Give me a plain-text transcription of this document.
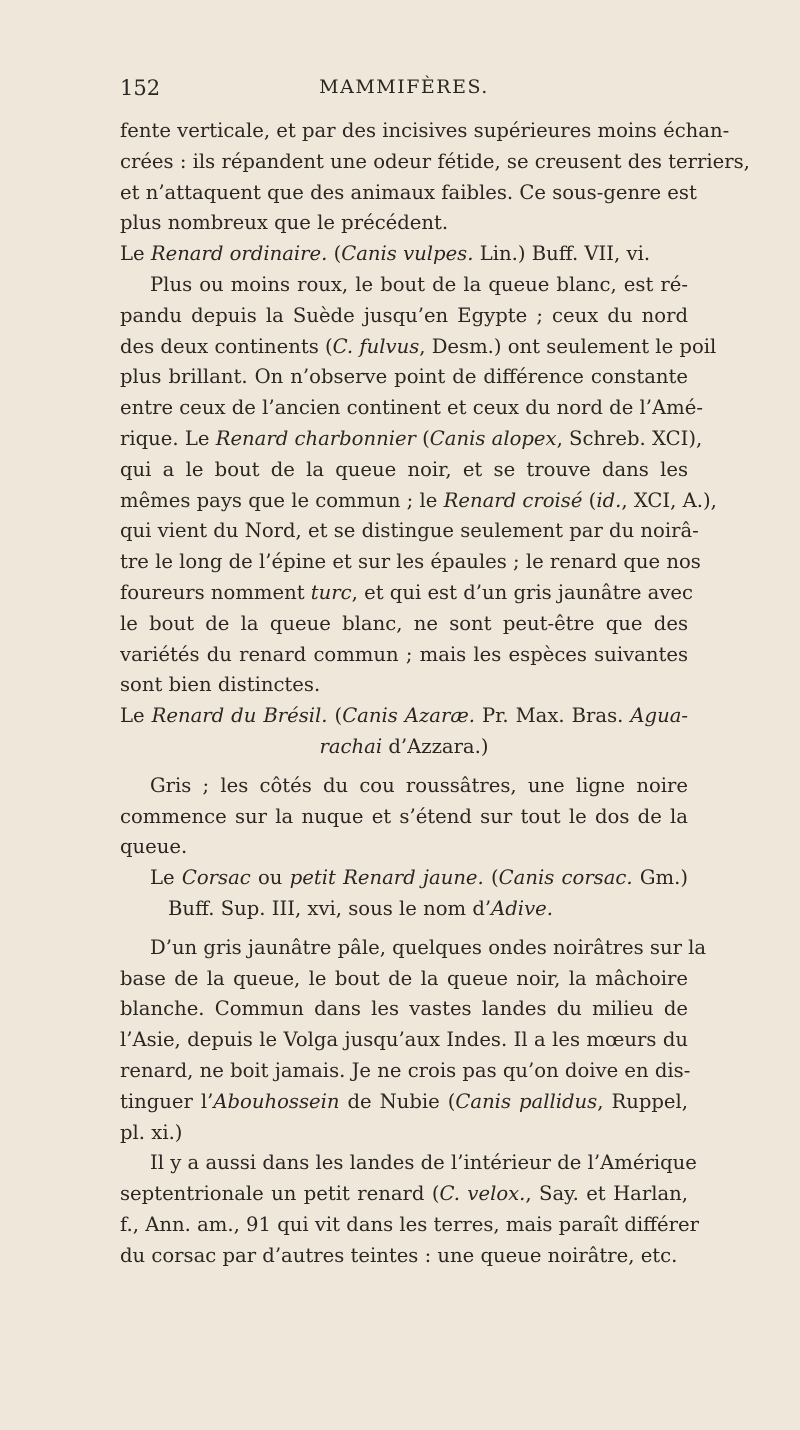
152	MAMMIFÈRES.
fente verticale, et par des incisives supérieures moins échan-
crées : ils répandent une odeur fétide, se creusent des terriers,
et n’attaquent que des animaux faibles. Ce sous-genre est
plus nombreux que le précédent.
Le Renard ordinaire. (Canis vulpes. Lin.) Buff. VII, vi.
Plus ou moins roux, le bout de la queue blanc, est ré-
pandu depuis la Suède jusqu’en Egypte ; ceux du nord
des deux continents (C. fulvus, Desm.) ont seulement le poil
plus brillant. On n’observe point de différence constante
entre ceux de l’ancien continent et ceux du nord de l’Amé-
rique. Le Renard charbonnier (Canis alopex, Schreb. XCI),
qui a le bout de la queue noir, et se trouve dans les
mêmes pays que le commun ; le Renard croisé (id., XCI, A.),
qui vient du Nord, et se distingue seulement par du noirâ-
tre le long de l’épine et sur les épaules ; le renard que nos
foureurs nomment turc, et qui est d’un gris jaunâtre avec
le bout de la queue blanc, ne sont peut-être que des
variétés du renard commun ; mais les espèces suivantes
sont bien distinctes.
Le Renard du Brésil. (Canis Azaræ. Pr. Max. Bras. Agua-
rachai d’Azzara.)
Gris ; les côtés du cou roussâtres, une ligne noire
commence sur la nuque et s’étend sur tout le dos de la
queue.
Le Corsac ou petit Renard jaune. (Canis corsac. Gm.)
Buff. Sup. III, xvi, sous le nom d’Adive.
D’un gris jaunâtre pâle, quelques ondes noirâtres sur la
base de la queue, le bout de la queue noir, la mâchoire
blanche. Commun dans les vastes landes du milieu de
l’Asie, depuis le Volga jusqu’aux Indes. Il a les mœurs du
renard, ne boit jamais. Je ne crois pas qu’on doive en dis-
tinguer l’Abouhossein de Nubie (Canis pallidus, Ruppel,
pl. xi.)
Il y a aussi dans les landes de l’intérieur de l’Amérique
septentrionale un petit renard (C. velox., Say. et Harlan,
f., Ann. am., 91 qui vit dans les terres, mais paraît différer
du corsac par d’autres teintes : une queue noirâtre, etc.
